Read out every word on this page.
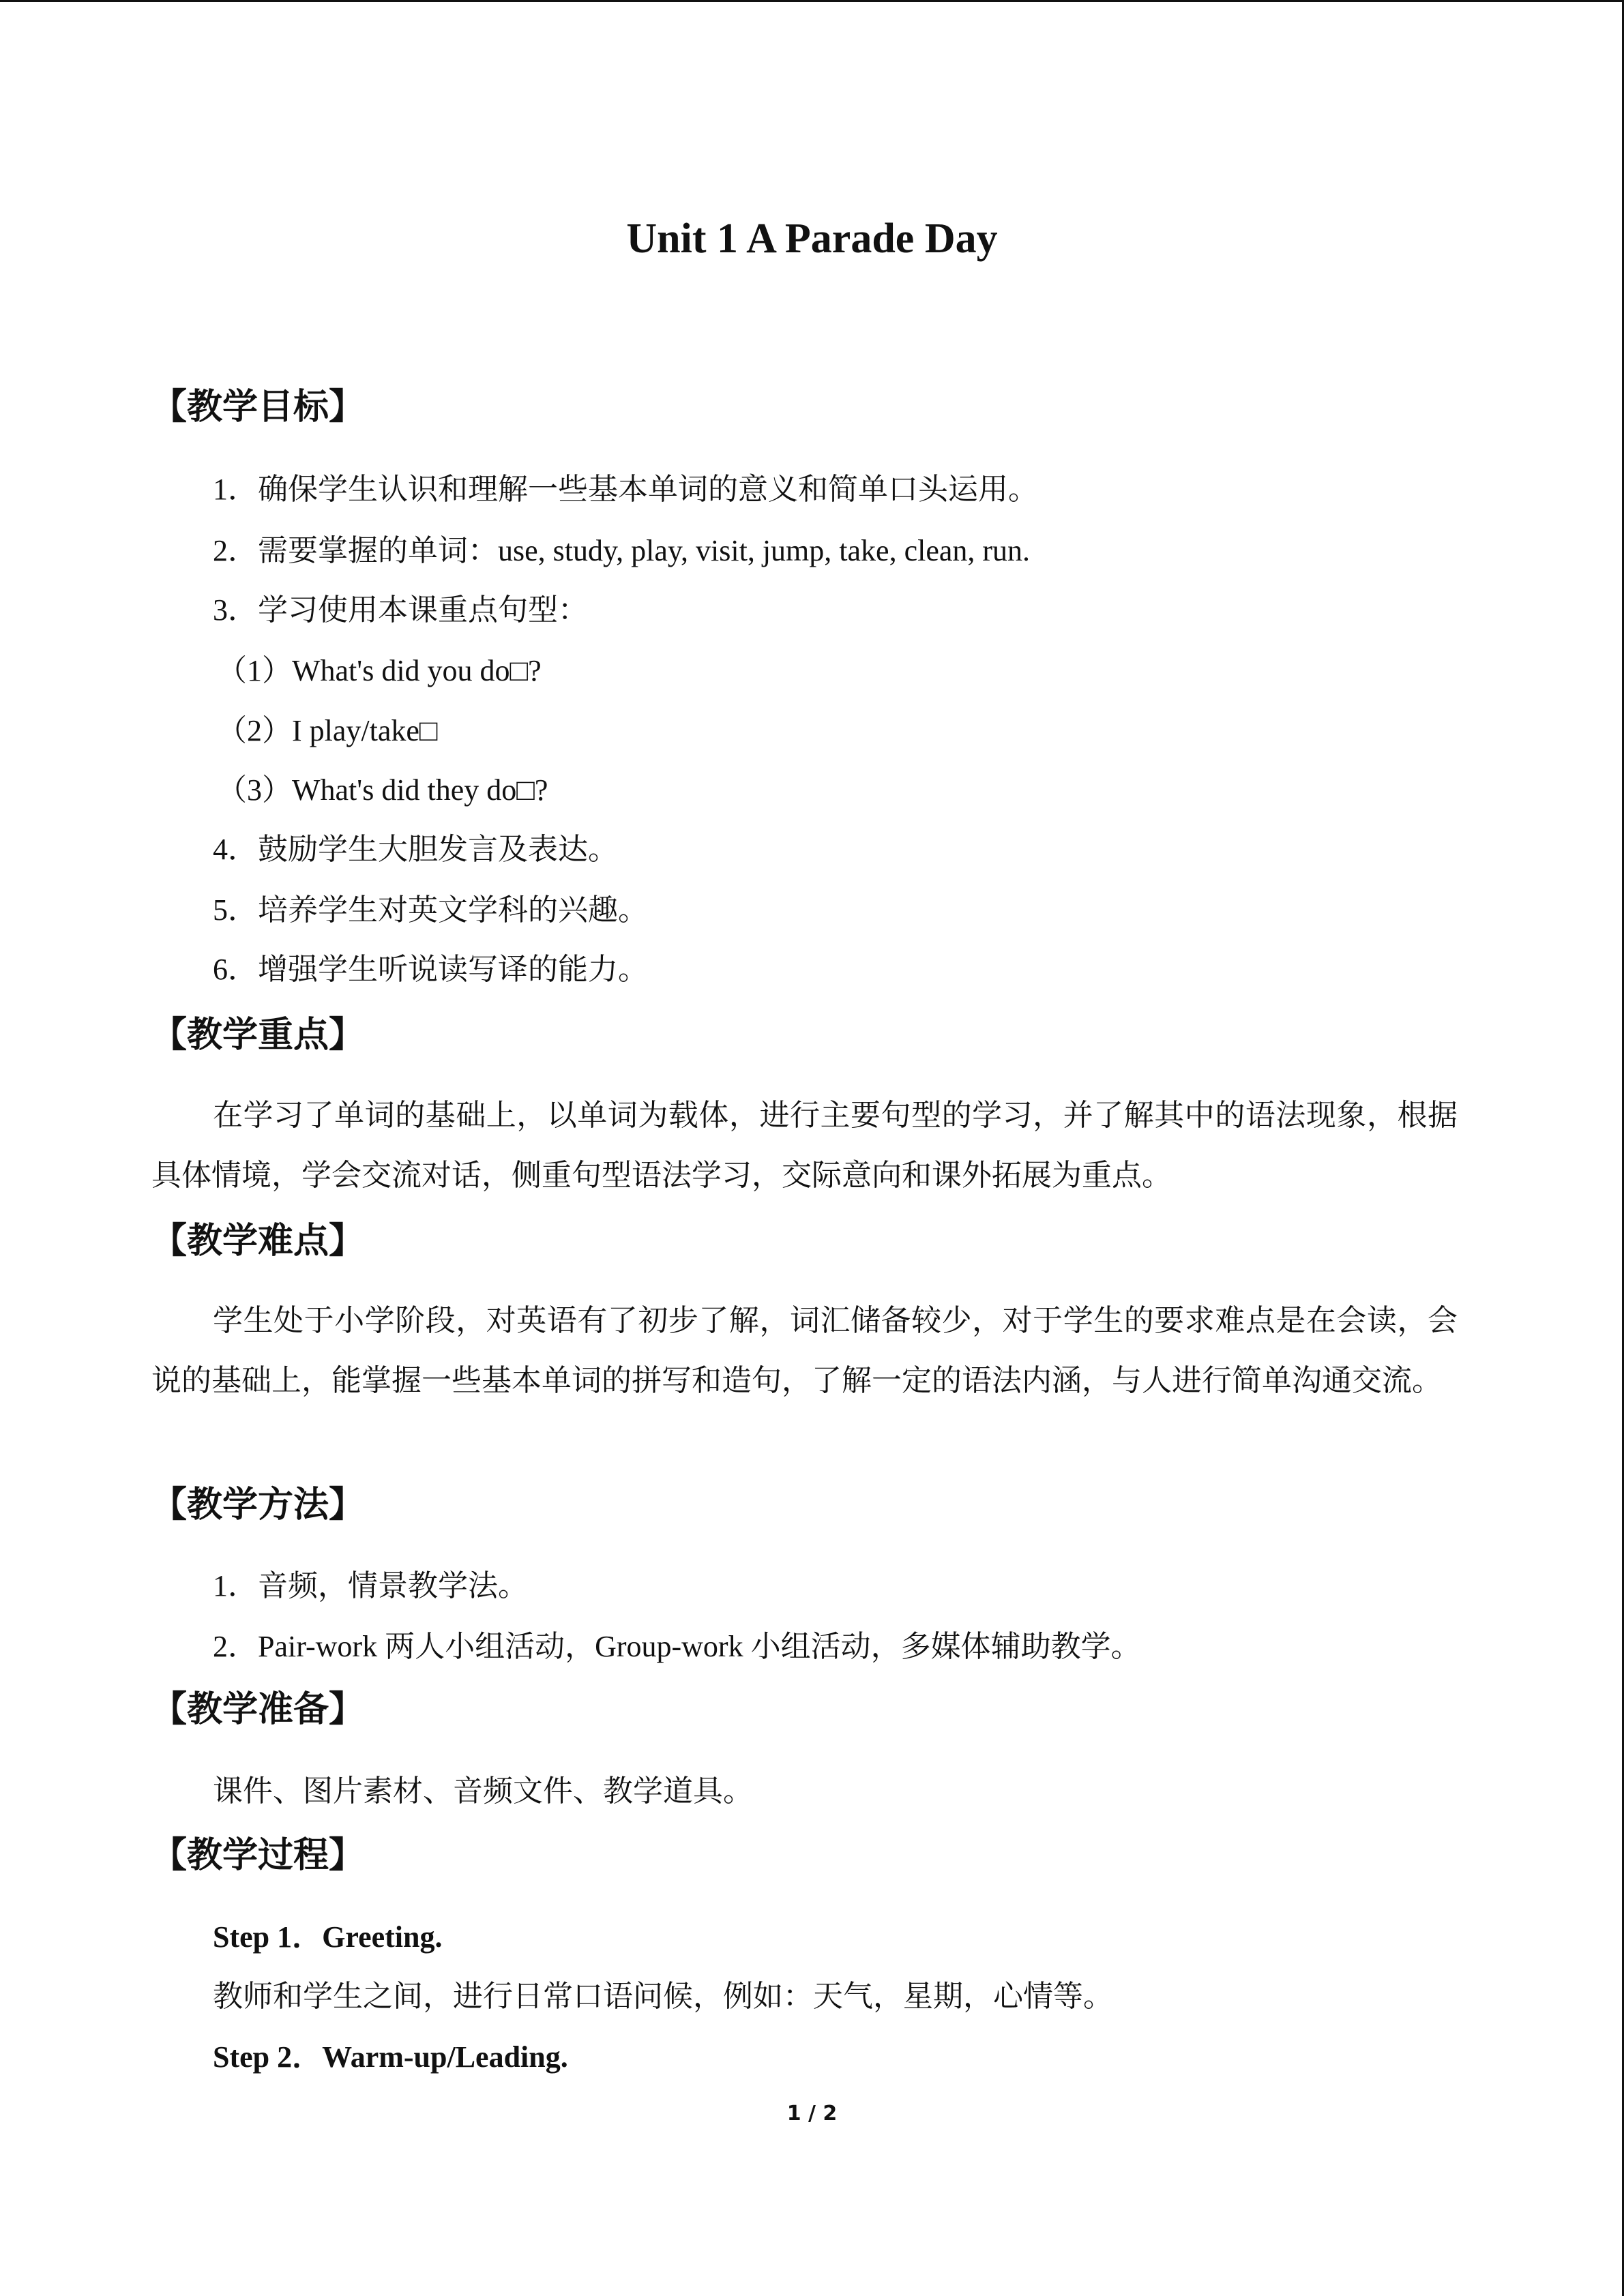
Unit 1 A Parade Day
【教学目标】
1．确保学生认识和理解一些基本单词的意义和简单口头运用。
2．需要掌握的单词：use, study, play, visit, jump, take, clean, run.
3．学习使用本课重点句型：
（1）What's did you do□?
（2）I play/take□
（3）What's did they do□?
4．鼓励学生大胆发言及表达。
5．培养学生对英文学科的兴趣。
6．增强学生听说读写译的能力。
【教学重点】
在学习了单词的基础上，以单词为载体，进行主要句型的学习，并了解其中的语法现象，根据具体情境，学会交流对话，侧重句型语法学习，交际意向和课外拓展为重点。
【教学难点】
学生处于小学阶段，对英语有了初步了解，词汇储备较少，对于学生的要求难点是在会读，会说的基础上，能掌握一些基本单词的拼写和造句，了解一定的语法内涵，与人进行简单沟通交流。
【教学方法】
1．音频，情景教学法。
2．Pair-work 两人小组活动，Group-work 小组活动，多媒体辅助教学。
【教学准备】
课件、图片素材、音频文件、教学道具。
【教学过程】
Step 1．Greeting.
教师和学生之间，进行日常口语问候，例如：天气，星期，心情等。
Step 2．Warm-up/Leading.
1 / 2
